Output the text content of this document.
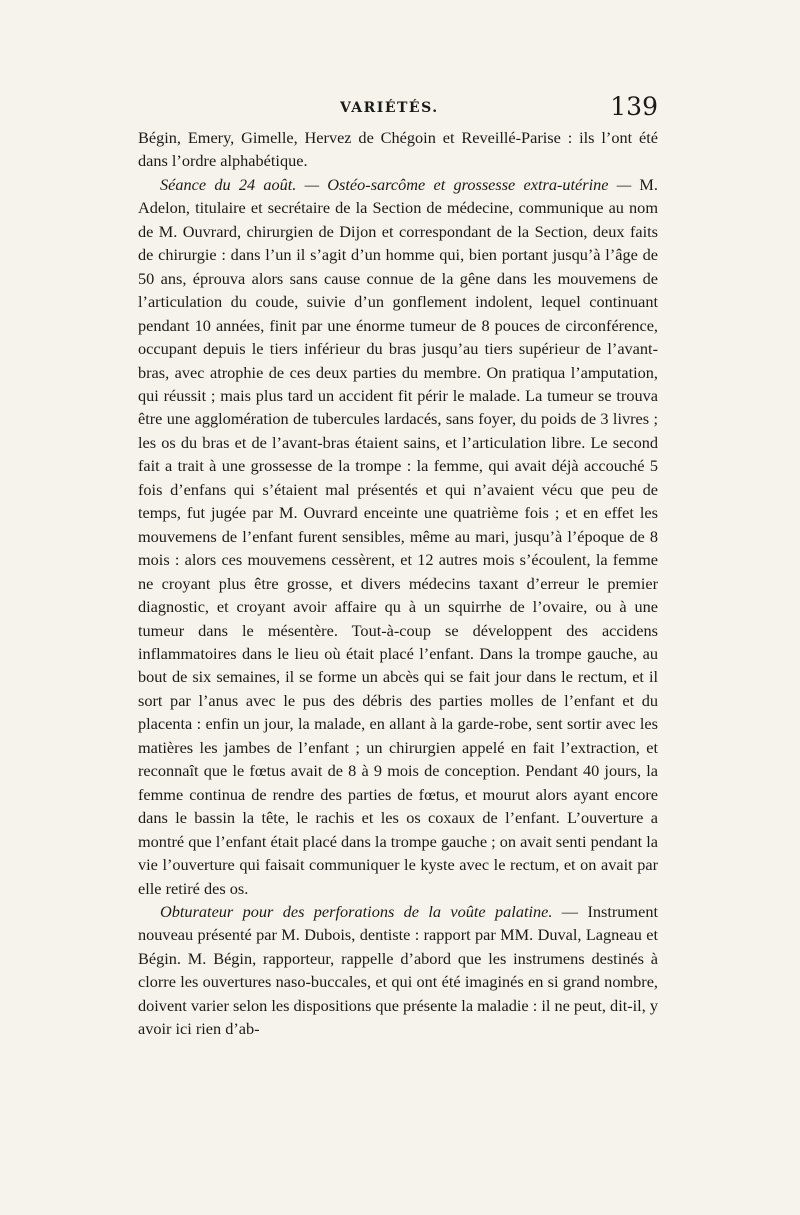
VARIÉTÉS.	139

Bégin, Emery, Gimelle, Hervez de Chégoin et Reveillé-Parise : ils l’ont été dans l’ordre alphabétique.

Séance du 24 août. — Ostéo-sarcôme et grossesse extra-utérine — M. Adelon, titulaire et secrétaire de la Section de médecine, communique au nom de M. Ouvrard, chirurgien de Dijon et correspondant de la Section, deux faits de chirurgie : dans l’un il s’agit d’un homme qui, bien portant jusqu’à l’âge de 50 ans, éprouva alors sans cause connue de la gêne dans les mouvemens de l’articulation du coude, suivie d’un gonflement indolent, lequel continuant pendant 10 années, finit par une énorme tumeur de 8 pouces de circonférence, occupant depuis le tiers inférieur du bras jusqu’au tiers supérieur de l’avant-bras, avec atrophie de ces deux parties du membre. On pratiqua l’amputation, qui réussit ; mais plus tard un accident fit périr le malade. La tumeur se trouva être une agglomération de tubercules lardacés, sans foyer, du poids de 3 livres ; les os du bras et de l’avant-bras étaient sains, et l’articulation libre. Le second fait a trait à une grossesse de la trompe : la femme, qui avait déjà accouché 5 fois d’enfans qui s’étaient mal présentés et qui n’avaient vécu que peu de temps, fut jugée par M. Ouvrard enceinte une quatrième fois ; et en effet les mouvemens de l’enfant furent sensibles, même au mari, jusqu’à l’époque de 8 mois : alors ces mouvemens cessèrent, et 12 autres mois s’écoulent, la femme ne croyant plus être grosse, et divers médecins taxant d’erreur le premier diagnostic, et croyant avoir affaire qu à un squirrhe de l’ovaire, ou à une tumeur dans le mésentère. Tout-à-coup se développent des accidens inflammatoires dans le lieu où était placé l’enfant. Dans la trompe gauche, au bout de six semaines, il se forme un abcès qui se fait jour dans le rectum, et il sort par l’anus avec le pus des débris des parties molles de l’enfant et du placenta : enfin un jour, la malade, en allant à la garde-robe, sent sortir avec les matières les jambes de l’enfant ; un chirurgien appelé en fait l’extraction, et reconnaît que le fœtus avait de 8 à 9 mois de conception. Pendant 40 jours, la femme continua de rendre des parties de fœtus, et mourut alors ayant encore dans le bassin la tête, le rachis et les os coxaux de l’enfant. L’ouverture a montré que l’enfant était placé dans la trompe gauche ; on avait senti pendant la vie l’ouverture qui faisait communiquer le kyste avec le rectum, et on avait par elle retiré des os.

Obturateur pour des perforations de la voûte palatine. — Instrument nouveau présenté par M. Dubois, dentiste : rapport par MM. Duval, Lagneau et Bégin. M. Bégin, rapporteur, rappelle d’abord que les instrumens destinés à clorre les ouvertures naso-buccales, et qui ont été imaginés en si grand nombre, doivent varier selon les dispositions que présente la maladie : il ne peut, dit-il, y avoir ici rien d’ab-
